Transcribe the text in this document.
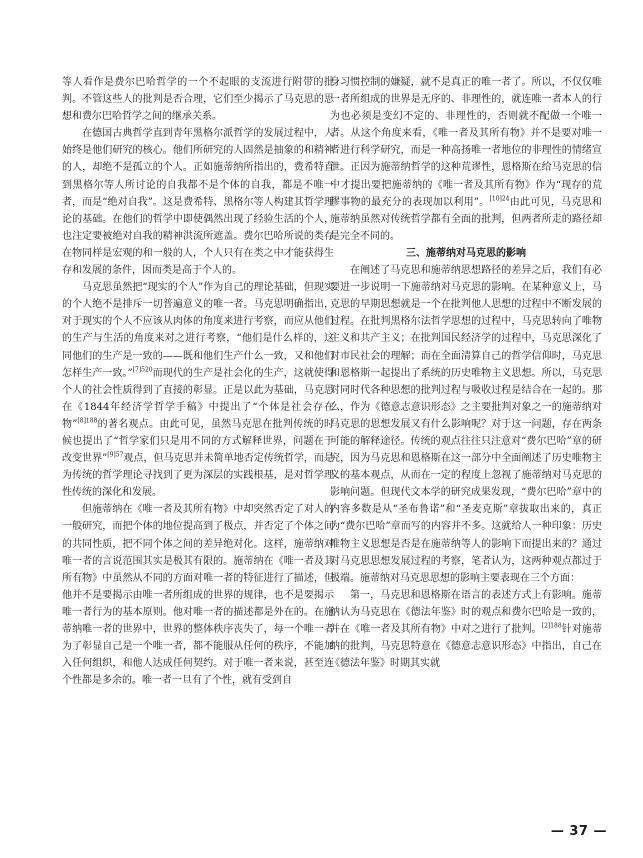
等人看作是费尔巴哈哲学的一个不起眼的支流进行附带的批判。不管这些人的批判是否合理，它们至少揭示了马克思的思想和费尔巴哈哲学之间的继承关系。

在德国古典哲学直到青年黑格尔派哲学的发展过程中，人始终是他们研究的核心。他们所研究的人固然是抽象的和精神的人，却绝不是孤立的个人。正如施蒂纳所指出的，费希特直到黑格尔等人所讨论的自我都不是个体的自我，都是不唯一者，而是“绝对自我”。这是费希特、黑格尔等人构建其哲学理论的基础。在他们的哲学中即使偶然出现了经验生活的个人，也注定要被绝对自我的精神洪流所遮盖。费尔巴哈所说的类存在物同样是宏观的和一般的人，个人只有在类之中才能获得生存和发展的条件，因而类是高于个人的。

马克思虽然把“现实的个人”作为自己的理论基础，但现实的个人绝不是排斥一切普遍意义的唯一者。马克思明确指出，对于现实的个人不应该从肉体的角度来进行考察，而应从他们的生产与生活的角度来对之进行考察，“他们是什么样的，这同他们的生产是一致的——既和他们生产什么一致，又和他们怎样生产一致。”$^{[7]520}$而现代的生产是社会化的生产，这就使得个人的社会性质得到了直接的彰显。正是以此为基础，马克思在《1844年经济学哲学手稿》中提出了“个体是社会存在物”$^{[8]188}$的著名观点。由此可见，虽然马克思在批判传统的时候也提出了“哲学家们只是用不同的方式解释世界，问题在于改变世界”$^{[9]57}$观点，但马克思并未简单地否定传统哲学，而是为传统的哲学理论寻找到了更为深层的实践根基，是对哲学理性传统的深化和发展。

但施蒂纳在《唯一者及其所有物》中却突然否定了对人的一般研究，而把个体的地位提高到了极点，并否定了个体之间的共同性质，把不同个体之间的差异绝对化。这样，施蒂纳对唯一者的言说范围其实是极其有限的。施蒂纳在《唯一者及其所有物》中虽然从不同的方面对唯一者的特征进行了描述，但他并不是要揭示由唯一者所组成的世界的规律，也不是要揭示唯一者行为的基本原则。他对唯一者的描述都是外在的。在施蒂纳唯一者的世界中，世界的整体秩序丧失了，每一个唯一者为了彰显自己是一个唯一者，都不能服从任何的秩序，不能加入任何组织，和他人达成任何契约。对于唯一者来说，甚至连个性都是多余的。唯一者一旦有了个性，就有受到自

身习惯控制的嫌疑，就不是真正的唯一者了。所以，不仅仅唯一者所组成的世界是无序的、非理性的，就连唯一者本人的行为也必须是变幻不定的、非理性的，否则就不配做一个唯一者。从这个角度来看，《唯一者及其所有物》并不是要对唯一者进行科学研究，而是一种高扬唯一者地位的非理性的情绪宣泄。正因为施蒂纳哲学的这种荒谬性，恩格斯在给马克思的信中才提出要把施蒂纳的《唯一者及其所有物》作为“现存的荒谬事物的最充分的表现加以利用”。$^{[10]24}$由此可见，马克思和施蒂纳虽然对传统哲学都有全面的批判，但两者所走的路径却是完全不同的。

三、施蒂纳对马克思的影响

在阐述了马克思和施蒂纳思想路径的差异之后，我们有必要进一步说明一下施蒂纳对马克思的影响。在某种意义上，马克思的早期思想就是一个在批判他人思想的过程中不断发展的过程。在批判黑格尔法哲学思想的过程中，马克思转向了唯物主义和共产主义；在批判国民经济学的过程中，马克思深化了对市民社会的理解；而在全面清算自己的哲学信仰时，马克思和恩格斯一起提出了系统的历史唯物主义思想。所以，马克思对同时代各种思想的批判过程与吸收过程是结合在一起的。那么，作为《德意志意识形态》之主要批判对象之一的施蒂纳对马克思的思想发展又有什么影响呢？对于这一问题，存在两条可能的解释途径。传统的观点往往只注意对“费尔巴哈”章的研究，因为马克思和恩格斯在这一部分中全面阐述了历史唯物主义的基本观点，从而在一定的程度上忽视了施蒂纳对马克思的影响问题。但现代文本学的研究成果发现，“费尔巴哈”章中的内容多数是从“圣布鲁诺”和“圣麦克斯”章拔取出来的，真正为“费尔巴哈”章而写的内容并不多。这就给人一种印象：历史唯物主义思想是否是在施蒂纳等人的影响下而提出来的？通过对马克思思想发展过程的考察，笔者认为，这两种观点都过于极端。施蒂纳对马克思思想的影响主要表现在三个方面：

第一，马克思和恩格斯在语言的表述方式上有影响。施蒂纳认为马克思在《德法年鉴》时的观点和费尔巴哈是一致的，并在《唯一者及其所有物》中对之进行了批判。$^{[2]188}$针对施蒂纳的批判，马克思特意在《德意志意识形态》中指出，自己在《德法年鉴》时期其实就

— 37 —
